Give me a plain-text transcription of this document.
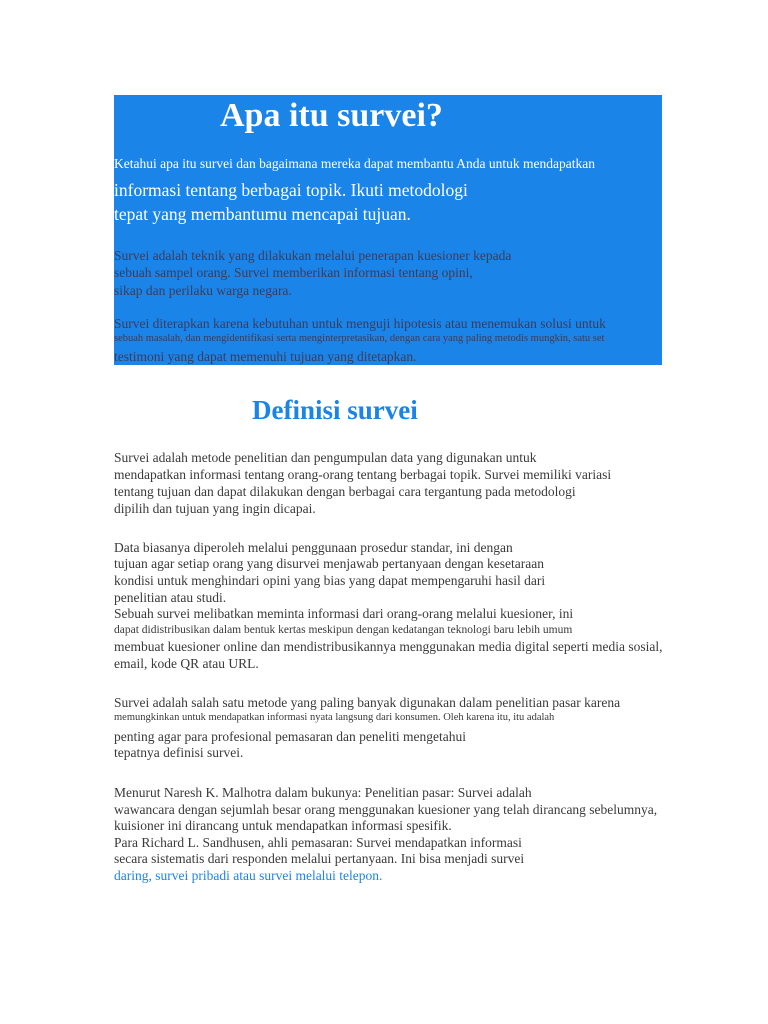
Apa itu survei?

Ketahui apa itu survei dan bagaimana mereka dapat membantu Anda untuk mendapatkan

informasi tentang berbagai topik. Ikuti metodologi

tepat yang membantumu mencapai tujuan.

Survei adalah teknik yang dilakukan melalui penerapan kuesioner kepada

sebuah sampel orang. Survei memberikan informasi tentang opini,

sikap dan perilaku warga negara.

Survei diterapkan karena kebutuhan untuk menguji hipotesis atau menemukan solusi untuk

sebuah masalah, dan mengidentifikasi serta menginterpretasikan, dengan cara yang paling metodis mungkin, satu set

testimoni yang dapat memenuhi tujuan yang ditetapkan.

Definisi survei

Survei adalah metode penelitian dan pengumpulan data yang digunakan untuk

mendapatkan informasi tentang orang-orang tentang berbagai topik. Survei memiliki variasi

tentang tujuan dan dapat dilakukan dengan berbagai cara tergantung pada metodologi

dipilih dan tujuan yang ingin dicapai.

Data biasanya diperoleh melalui penggunaan prosedur standar, ini dengan

tujuan agar setiap orang yang disurvei menjawab pertanyaan dengan kesetaraan

kondisi untuk menghindari opini yang bias yang dapat mempengaruhi hasil dari

penelitian atau studi.

Sebuah survei melibatkan meminta informasi dari orang-orang melalui kuesioner, ini

dapat didistribusikan dalam bentuk kertas meskipun dengan kedatangan teknologi baru lebih umum

membuat kuesioner online dan mendistribusikannya menggunakan media digital seperti media sosial,

email, kode QR atau URL.

Survei adalah salah satu metode yang paling banyak digunakan dalam penelitian pasar karena

memungkinkan untuk mendapatkan informasi nyata langsung dari konsumen. Oleh karena itu, itu adalah

penting agar para profesional pemasaran dan peneliti mengetahui

tepatnya definisi survei.

Menurut Naresh K. Malhotra dalam bukunya: Penelitian pasar: Survei adalah

wawancara dengan sejumlah besar orang menggunakan kuesioner yang telah dirancang sebelumnya,

kuisioner ini dirancang untuk mendapatkan informasi spesifik.

Para Richard L. Sandhusen, ahli pemasaran: Survei mendapatkan informasi

secara sistematis dari responden melalui pertanyaan. Ini bisa menjadi survei

daring, survei pribadi atau survei melalui telepon.
